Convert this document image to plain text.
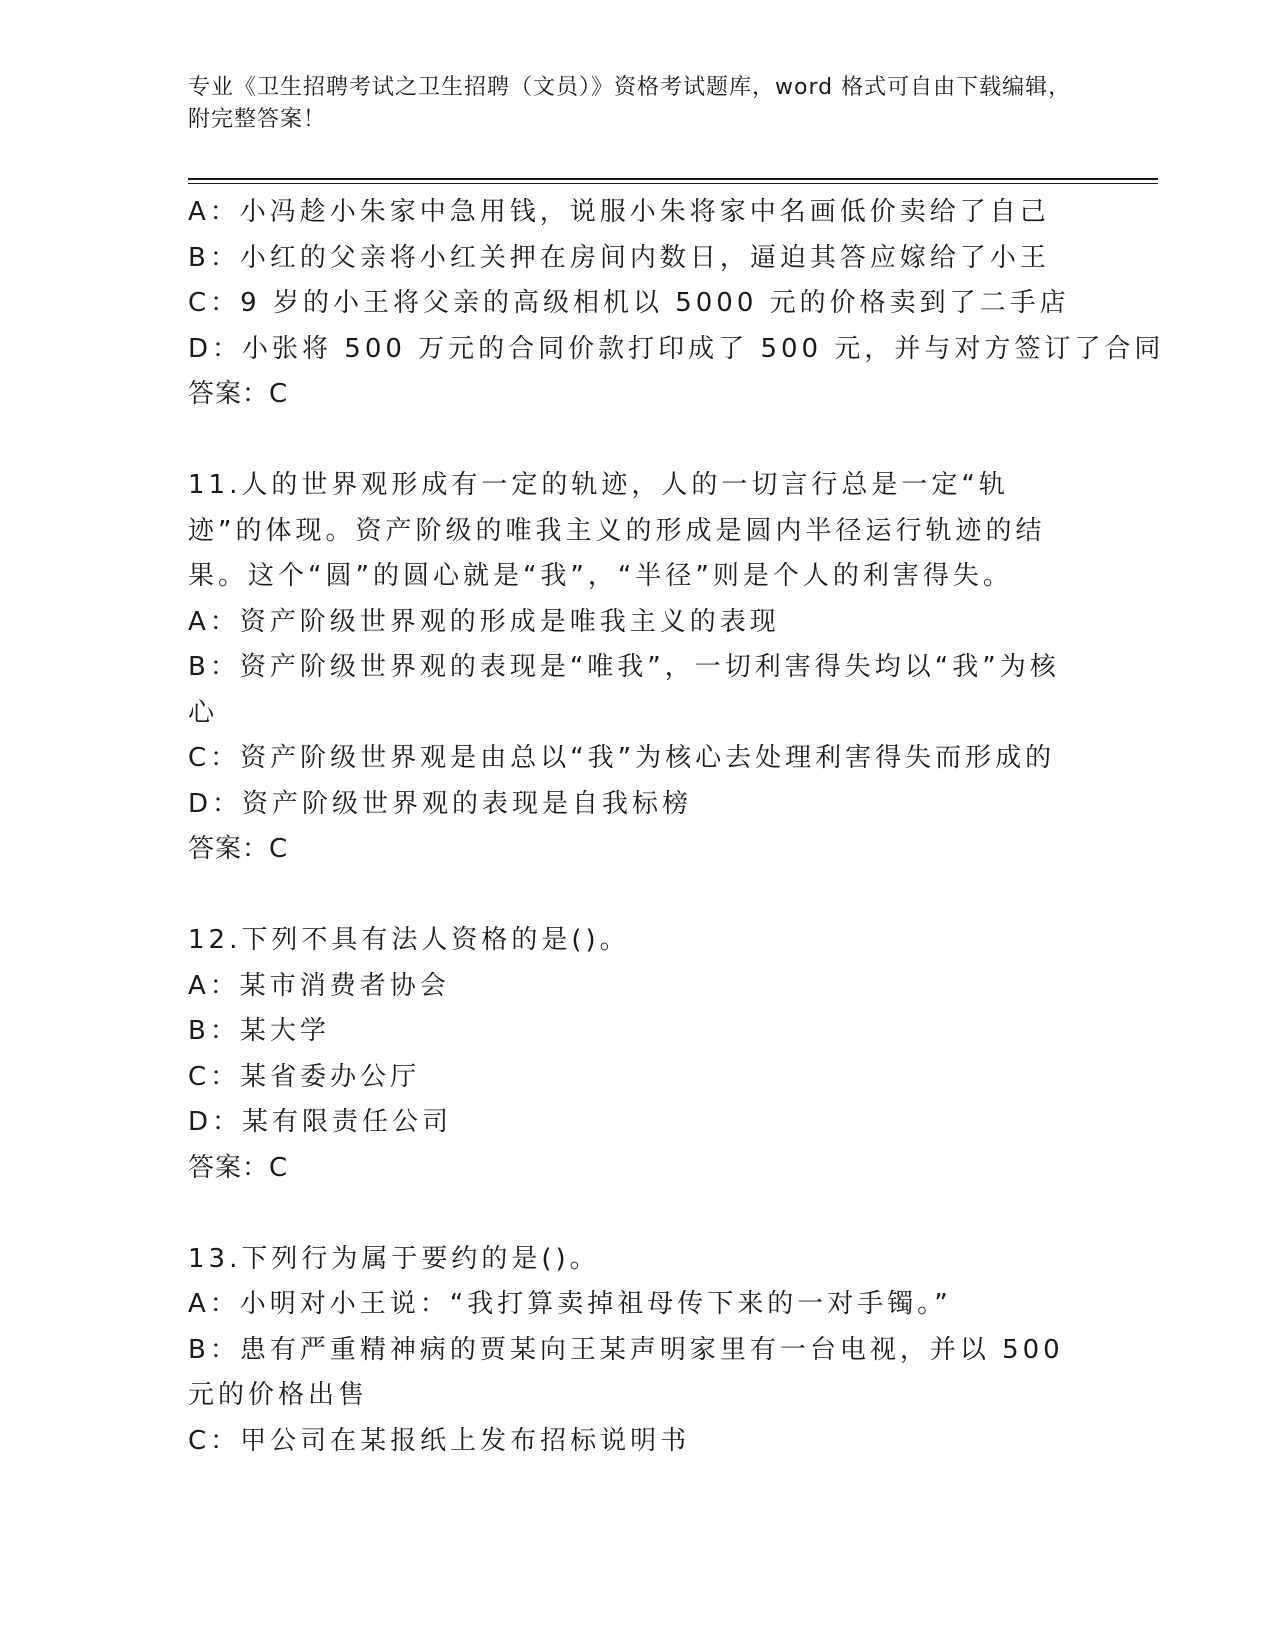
专业《卫生招聘考试之卫生招聘（文员）》资格考试题库，word 格式可自由下载编辑，附完整答案！
A：小冯趁小朱家中急用钱，说服小朱将家中名画低价卖给了自己
B：小红的父亲将小红关押在房间内数日，逼迫其答应嫁给了小王
C：9 岁的小王将父亲的高级相机以 5000 元的价格卖到了二手店
D：小张将 500 万元的合同价款打印成了 500 元，并与对方签订了合同
答案：C
11.人的世界观形成有一定的轨迹，人的一切言行总是一定“轨迹”的体现。资产阶级的唯我主义的形成是圆内半径运行轨迹的结果。这个“圆”的圆心就是“我”，“半径”则是个人的利害得失。
A：资产阶级世界观的形成是唯我主义的表现
B：资产阶级世界观的表现是“唯我”，一切利害得失均以“我”为核心
C：资产阶级世界观是由总以“我”为核心去处理利害得失而形成的
D：资产阶级世界观的表现是自我标榜
答案：C
12.下列不具有法人资格的是()。
A：某市消费者协会
B：某大学
C：某省委办公厅
D：某有限责任公司
答案：C
13.下列行为属于要约的是()。
A：小明对小王说：“我打算卖掉祖母传下来的一对手镯。”
B：患有严重精神病的贾某向王某声明家里有一台电视，并以 500 元的价格出售
C：甲公司在某报纸上发布招标说明书
